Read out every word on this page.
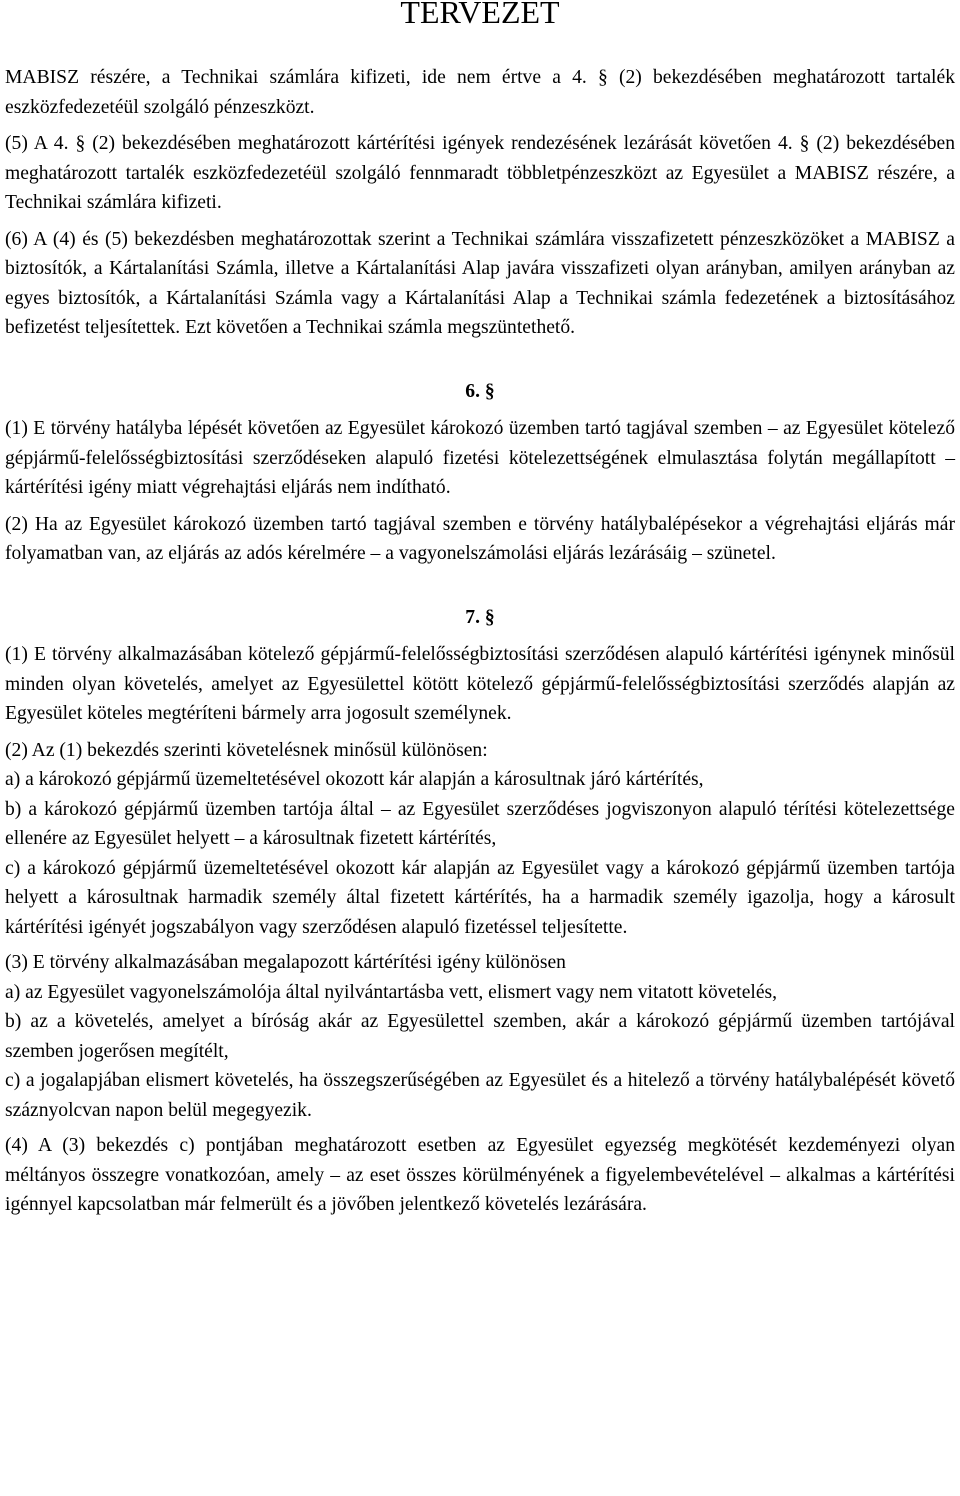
TERVEZET

MABISZ részére, a Technikai számlára kifizeti, ide nem értve a 4. § (2) bekezdésében meghatározott tartalék eszközfedezetéül szolgáló pénzeszközt.

(5) A 4. § (2) bekezdésében meghatározott kártérítési igények rendezésének lezárását követően 4. § (2) bekezdésében meghatározott tartalék eszközfedezetéül szolgáló fennmaradt többletpénzeszközt az Egyesület a MABISZ részére, a Technikai számlára kifizeti.

(6) A (4) és (5) bekezdésben meghatározottak szerint a Technikai számlára visszafizetett pénzeszközöket a MABISZ a biztosítók, a Kártalanítási Számla, illetve a Kártalanítási Alap javára visszafizeti olyan arányban, amilyen arányban az egyes biztosítók, a Kártalanítási Számla vagy a Kártalanítási Alap a Technikai számla fedezetének a biztosításához befizetést teljesítettek. Ezt követően a Technikai számla megszüntethető.

6. §

(1) E törvény hatályba lépését követően az Egyesület károkozó üzemben tartó tagjával szemben – az Egyesület kötelező gépjármű-felelősségbiztosítási szerződéseken alapuló fizetési kötelezettségének elmulasztása folytán megállapított – kártérítési igény miatt végrehajtási eljárás nem indítható.

(2) Ha az Egyesület károkozó üzemben tartó tagjával szemben e törvény hatálybalépésekor a végrehajtási eljárás már folyamatban van, az eljárás az adós kérelmére – a vagyonelszámolási eljárás lezárásáig – szünetel.

7. §

(1) E törvény alkalmazásában kötelező gépjármű-felelősségbiztosítási szerződésen alapuló kártérítési igénynek minősül minden olyan követelés, amelyet az Egyesülettel kötött kötelező gépjármű-felelősségbiztosítási szerződés alapján az Egyesület köteles megtéríteni bármely arra jogosult személynek.

(2) Az (1) bekezdés szerinti követelésnek minősül különösen:

a) a károkozó gépjármű üzemeltetésével okozott kár alapján a károsultnak járó kártérítés,

b) a károkozó gépjármű üzemben tartója által – az Egyesület szerződéses jogviszonyon alapuló térítési kötelezettsége ellenére az Egyesület helyett – a károsultnak fizetett kártérítés,

c) a károkozó gépjármű üzemeltetésével okozott kár alapján az Egyesület vagy a károkozó gépjármű üzemben tartója helyett a károsultnak harmadik személy által fizetett kártérítés, ha a harmadik személy igazolja, hogy a károsult kártérítési igényét jogszabályon vagy szerződésen alapuló fizetéssel teljesítette.

(3) E törvény alkalmazásában megalapozott kártérítési igény különösen

a) az Egyesület vagyonelszámolója által nyilvántartásba vett, elismert vagy nem vitatott követelés,

b) az a követelés, amelyet a bíróság akár az Egyesülettel szemben, akár a károkozó gépjármű üzemben tartójával szemben jogerősen megítélt,

c) a jogalapjában elismert követelés, ha összegszerűségében az Egyesület és a hitelező a törvény hatálybalépését követő száznyolcvan napon belül megegyezik.

(4) A (3) bekezdés c) pontjában meghatározott esetben az Egyesület egyezség megkötését kezdeményezi olyan méltányos összegre vonatkozóan, amely – az eset összes körülményének a figyelembevételével – alkalmas a kártérítési igénnyel kapcsolatban már felmerült és a jövőben jelentkező követelés lezárására.
